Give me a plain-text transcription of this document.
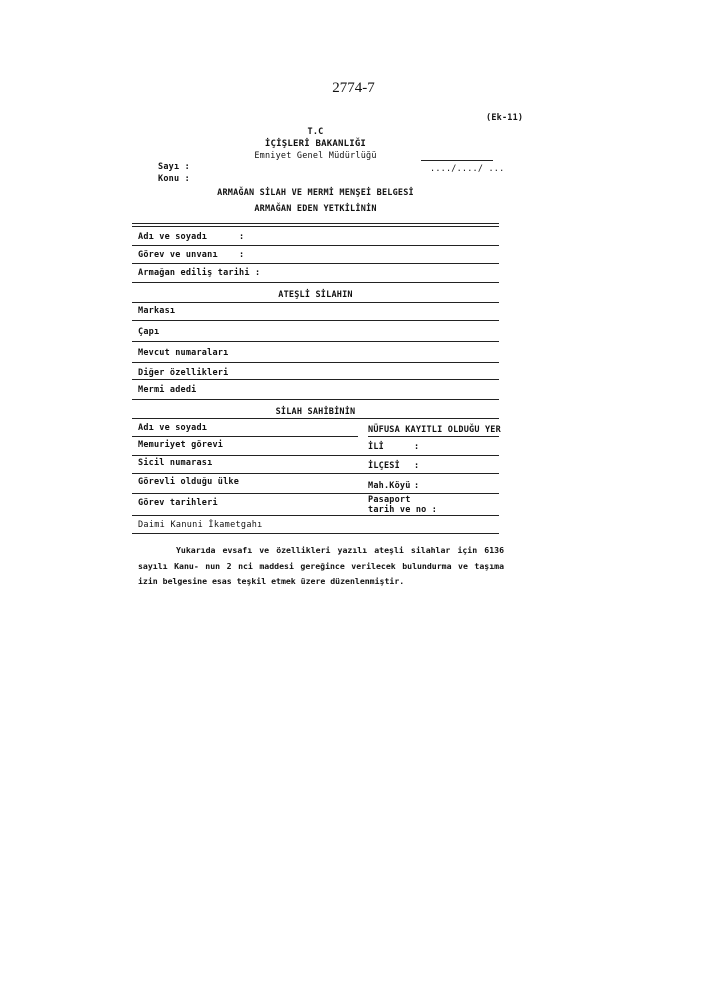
2774-7
(Ek-11)
T.C
İÇİŞLERİ BAKANLIĞI
Emniyet Genel Müdürlüğü
Sayı :	..../..../ ...
Konu :
ARMAĞAN SİLAH VE MERMİ MENŞEİ BELGESİ
ARMAĞAN EDEN YETKİLİNİN
Adı ve soyadı	:
Görev ve unvanı :
Armağan ediliş tarihi :
ATEŞLİ SİLAHIN
Markası
Çapı
Mevcut numaraları
Diğer özellikleri
Mermi adedi
SİLAH SAHİBİNİN
Adı ve soyadı	NÜFUSA KAYITLI OLDUĞU YER
Memuriyet görevi	İLİ	:
Sicil numarası	İLÇESİ :
Görevli olduğu ülke	Mah.Köyü :
Görev tarihleri	Pasaport
tarih ve no :
Daimi Kanuni İkametgahı
Yukarıda evsafı ve özellikleri yazılı ateşli silahlar için 6136 sayılı Kanu- nun 2 nci maddesi gereğince verilecek bulundurma ve taşıma izin belgesine esas teşkil etmek üzere düzenlenmiştir.
